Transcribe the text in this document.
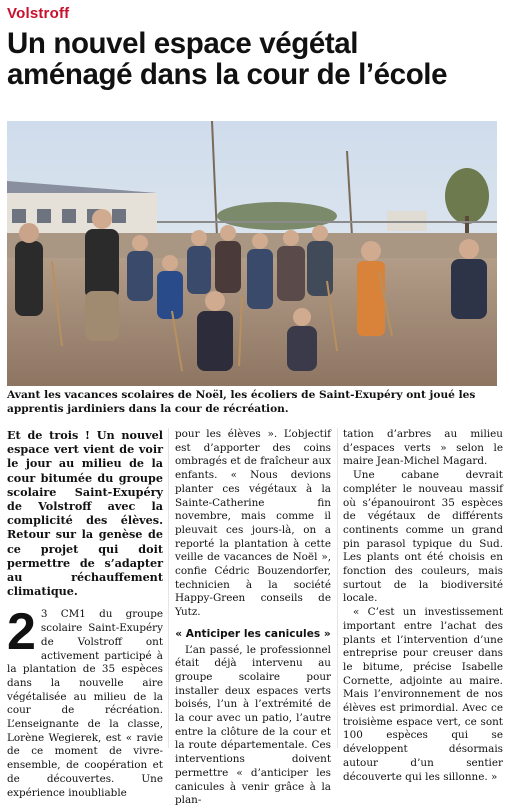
Volstroff
Un nouvel espace végétal
aménagé dans la cour de l’école
Avant les vacances scolaires de Noël, les écoliers de Saint-Exupéry ont joué les apprentis jardiniers dans la cour de récréation.

Et de trois ! Un nouvel espace vert vient de voir le jour au milieu de la cour bitumée du groupe scolaire Saint-Exupéry de Volstroff avec la complicité des élèves. Retour sur la genèse de ce projet qui doit permettre de s’adapter au réchauffement climatique.

2 3 CM1 du groupe scolaire Saint-Exupéry de Volstroff ont activement participé à la plantation de 35 espèces dans la nouvelle aire végétalisée au milieu de la cour de récréation. L’enseignante de la classe, Lorène Wegierek, est « ravie de ce moment de vivre-ensemble, de coopération et de découvertes. Une expérience inoubliable

pour les élèves ». L’objectif est d’apporter des coins ombragés et de fraîcheur aux enfants. « Nous devions planter ces végétaux à la Sainte-Catherine fin novembre, mais comme il pleuvait ces jours-là, on a reporté la plantation à cette veille de vacances de Noël », confie Cédric Bouzendorfer, technicien à la société Happy-Green conseils de Yutz.

« Anticiper les canicules »

L’an passé, le professionnel était déjà intervenu au groupe scolaire pour installer deux espaces verts boisés, l’un à l’extrémité de la cour avec un patio, l’autre entre la clôture de la cour et la route départementale. Ces interventions doivent permettre « d’anticiper les canicules à venir grâce à la plan-

tation d’arbres au milieu d’espaces verts » selon le maire Jean-Michel Magard.

Une cabane devrait compléter le nouveau massif où s’épanouiront 35 espèces de végétaux de différents continents comme un grand pin parasol typique du Sud. Les plants ont été choisis en fonction des couleurs, mais surtout de la biodiversité locale.

« C’est un investissement important entre l’achat des plants et l’intervention d’une entreprise pour creuser dans le bitume, précise Isabelle Cornette, adjointe au maire. Mais l’environnement de nos élèves est primordial. Avec ce troisième espace vert, ce sont 100 espèces qui se développent désormais autour d’un sentier découverte qui les sillonne. »
